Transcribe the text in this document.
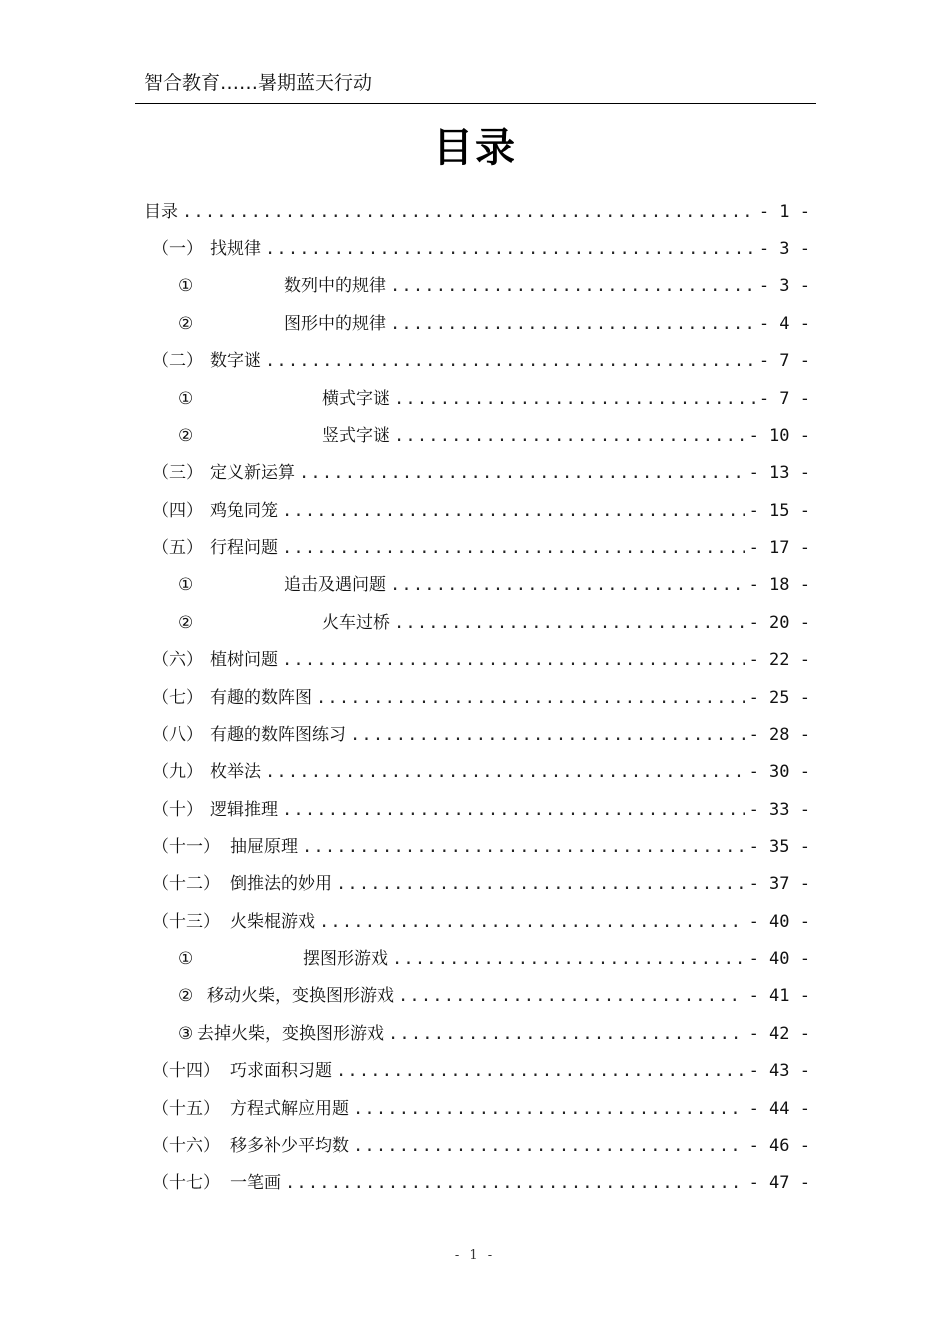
智合教育……暑期蓝天行动
目录
目录 .....	- 1 -
（一） 找规律 .....	- 3 -
①	数列中的规律 .....	- 3 -
②	图形中的规律 .....	- 4 -
（二） 数字谜 .....	- 7 -
①	横式字谜 .....	- 7 -
②	竖式字谜 .....	- 10 -
（三） 定义新运算 .....	- 13 -
（四） 鸡兔同笼 .....	- 15 -
（五） 行程问题 .....	- 17 -
①	追击及遇问题 .....	- 18 -
②	火车过桥 .....	- 20 -
（六） 植树问题 .....	- 22 -
（七） 有趣的数阵图 .....	- 25 -
（八） 有趣的数阵图练习 .....	- 28 -
（九） 枚举法 .....	- 30 -
（十） 逻辑推理 .....	- 33 -
（十一） 抽屉原理 .....	- 35 -
（十二） 倒推法的妙用 .....	- 37 -
（十三） 火柴棍游戏 .....	- 40 -
①	摆图形游戏 .....	- 40 -
② 移动火柴，变换图形游戏 .....	- 41 -
③ 去掉火柴，变换图形游戏 .....	- 42 -
（十四） 巧求面积习题 .....	- 43 -
（十五） 方程式解应用题 .....	- 44 -
（十六） 移多补少平均数 .....	- 46 -
（十七） 一笔画 .....	- 47 -
- 1 -
